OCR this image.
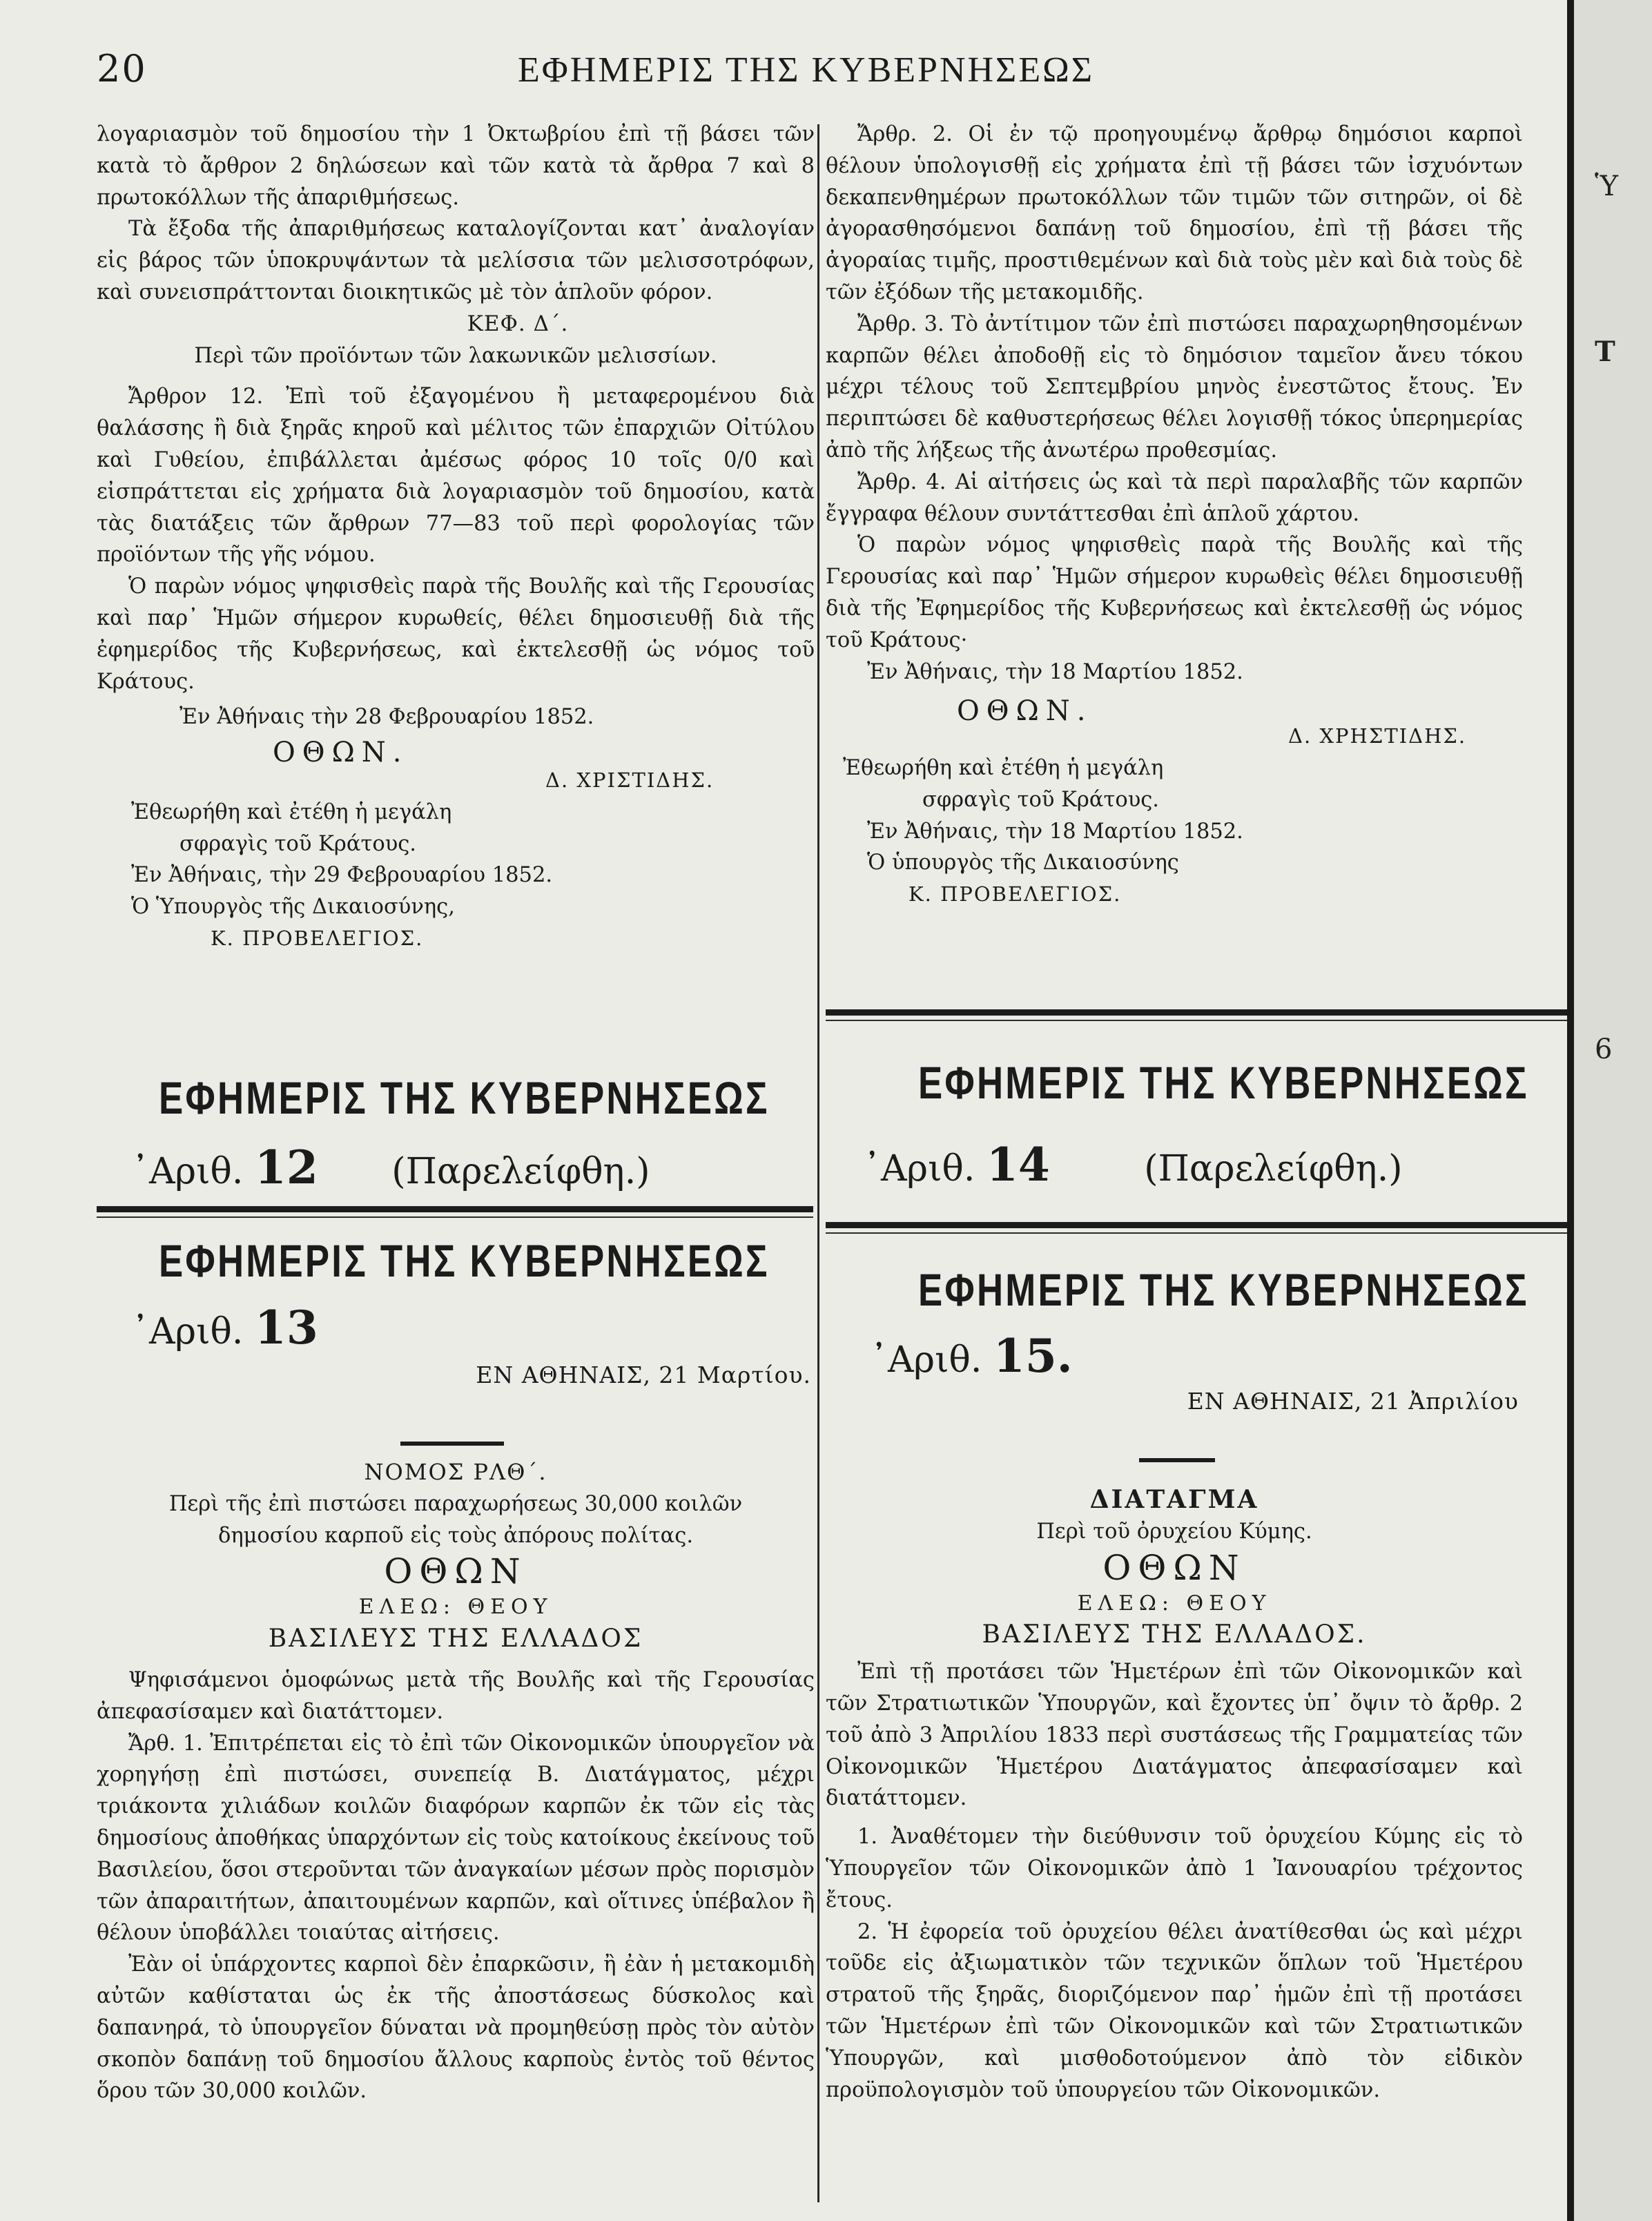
20	ΕΦΗΜΕΡΙΣ ΤΗΣ ΚΥΒΕΡΝΗΣΕΩΣ

λογαριασμὸν τοῦ δημοσίου τὴν 1 Ὀκτωβρίου ἐπὶ τῇ βάσει τῶν κατὰ τὸ ἄρθρον 2 δηλώσεων καὶ τῶν κατὰ τὰ ἄρθρα 7 καὶ 8 πρωτοκόλλων τῆς ἀπαριθμήσεως.

Τὰ ἔξοδα τῆς ἀπαριθμήσεως καταλογίζονται κατ᾽ ἀναλογίαν εἰς βάρος τῶν ὑποκρυψάντων τὰ μελίσσια τῶν μελισσοτρόφων, καὶ συνεισπράττονται διοικητικῶς μὲ τὸν ἁπλοῦν φόρον.

ΚΕΦ. Δ΄.

Περὶ τῶν προϊόντων τῶν λακωνικῶν μελισσίων.

Ἄρθρον 12. Ἐπὶ τοῦ ἐξαγομένου ἢ μεταφερομένου διὰ θαλάσσης ἢ διὰ ξηρᾶς κηροῦ καὶ μέλιτος τῶν ἐπαρχιῶν Οἰτύλου καὶ Γυθείου, ἐπιβάλλεται ἀμέσως φόρος 10 τοῖς 0/0 καὶ εἰσπράττεται εἰς χρήματα διὰ λογαριασμὸν τοῦ δημοσίου, κατὰ τὰς διατάξεις τῶν ἄρθρων 77—83 τοῦ περὶ φορολογίας τῶν προϊόντων τῆς γῆς νόμου.

Ὁ παρὼν νόμος ψηφισθεὶς παρὰ τῆς Βουλῆς καὶ τῆς Γερουσίας καὶ παρ᾽ Ἡμῶν σήμερον κυρωθείς, θέλει δημοσιευθῇ διὰ τῆς ἐφημερίδος τῆς Κυβερνήσεως, καὶ ἐκτελεσθῇ ὡς νόμος τοῦ Κράτους.

Ἐν Ἀθήναις τὴν 28 Φεβρουαρίου 1852.

ΟΘΩΝ.

Δ. ΧΡΙΣΤΙΔΗΣ.

Ἐθεωρήθη καὶ ἐτέθη ἡ μεγάλη

σφραγὶς τοῦ Κράτους.

Ἐν Ἀθήναις, τὴν 29 Φεβρουαρίου 1852.

Ὁ Ὑπουργὸς τῆς Δικαιοσύνης,

Κ. ΠΡΟΒΕΛΕΓΙΟΣ.

ΕΦΗΜΕΡΙΣ ΤΗΣ ΚΥΒΕΡΝΗΣΕΩΣ
᾽Αριθ. 12 (Παρελείφθη.)
ΕΦΗΜΕΡΙΣ ΤΗΣ ΚΥΒΕΡΝΗΣΕΩΣ
᾽Αριθ. 13
ΕΝ ΑΘΗΝΑΙΣ, 21 Μαρτίου.

ΝΟΜΟΣ ΡΛΘ΄.

Περὶ τῆς ἐπὶ πιστώσει παραχωρήσεως 30,000 κοιλῶν δημοσίου καρποῦ εἰς τοὺς ἀπόρους πολίτας.

ΟΘΩΝ

ΕΛΕΩ: ΘΕΟΥ

ΒΑΣΙΛΕΥΣ ΤΗΣ ΕΛΛΑΔΟΣ

Ψηφισάμενοι ὁμοφώνως μετὰ τῆς Βουλῆς καὶ τῆς Γερουσίας ἀπεφασίσαμεν καὶ διατάττομεν.

Ἄρθ. 1. Ἐπιτρέπεται εἰς τὸ ἐπὶ τῶν Οἰκονομικῶν ὑπουργεῖον νὰ χορηγήσῃ ἐπὶ πιστώσει, συνεπείᾳ Β. Διατάγματος, μέχρι τριάκοντα χιλιάδων κοιλῶν διαφόρων καρπῶν ἐκ τῶν εἰς τὰς δημοσίους ἀποθήκας ὑπαρχόντων εἰς τοὺς κατοίκους ἐκείνους τοῦ Βασιλείου, ὅσοι στεροῦνται τῶν ἀναγκαίων μέσων πρὸς πορισμὸν τῶν ἀπαραιτήτων, ἀπαιτουμένων καρπῶν, καὶ οἵτινες ὑπέβαλον ἢ θέλουν ὑποβάλλει τοιαύτας αἰτήσεις.

Ἐὰν οἱ ὑπάρχοντες καρποὶ δὲν ἐπαρκῶσιν, ἢ ἐὰν ἡ μετακομιδὴ αὐτῶν καθίσταται ὡς ἐκ τῆς ἀποστάσεως δύσκολος καὶ δαπανηρά, τὸ ὑπουργεῖον δύναται νὰ προμηθεύσῃ πρὸς τὸν αὐτὸν σκοπὸν δαπάνῃ τοῦ δημοσίου ἄλλους καρποὺς ἐντὸς τοῦ θέντος ὅρου τῶν 30,000 κοιλῶν.

Ἄρθρ. 2. Οἱ ἐν τῷ προηγουμένῳ ἄρθρῳ δημόσιοι καρποὶ θέλουν ὑπολογισθῇ εἰς χρήματα ἐπὶ τῇ βάσει τῶν ἰσχυόντων δεκαπενθημέρων πρωτοκόλλων τῶν τιμῶν τῶν σιτηρῶν, οἱ δὲ ἀγορασθησόμενοι δαπάνῃ τοῦ δημοσίου, ἐπὶ τῇ βάσει τῆς ἀγοραίας τιμῆς, προστιθεμένων καὶ διὰ τοὺς μὲν καὶ διὰ τοὺς δὲ τῶν ἐξόδων τῆς μετακομιδῆς.

Ἄρθρ. 3. Τὸ ἀντίτιμον τῶν ἐπὶ πιστώσει παραχωρηθησομένων καρπῶν θέλει ἀποδοθῇ εἰς τὸ δημόσιον ταμεῖον ἄνευ τόκου μέχρι τέλους τοῦ Σεπτεμβρίου μηνὸς ἐνεστῶτος ἔτους. Ἐν περιπτώσει δὲ καθυστερήσεως θέλει λογισθῇ τόκος ὑπερημερίας ἀπὸ τῆς λήξεως τῆς ἀνωτέρω προθεσμίας.

Ἄρθρ. 4. Αἱ αἰτήσεις ὡς καὶ τὰ περὶ παραλαβῆς τῶν καρπῶν ἔγγραφα θέλουν συντάττεσθαι ἐπὶ ἁπλοῦ χάρτου.

Ὁ παρὼν νόμος ψηφισθεὶς παρὰ τῆς Βουλῆς καὶ τῆς Γερουσίας καὶ παρ᾽ Ἡμῶν σήμερον κυρωθεὶς θέλει δημοσιευθῇ διὰ τῆς Ἐφημερίδος τῆς Κυβερνήσεως καὶ ἐκτελεσθῇ ὡς νόμος τοῦ Κράτους·

Ἐν Ἀθήναις, τὴν 18 Μαρτίου 1852.

ΟΘΩΝ.

Δ. ΧΡΗΣΤΙΔΗΣ.

Ἐθεωρήθη καὶ ἐτέθη ἡ μεγάλη

σφραγὶς τοῦ Κράτους.

Ἐν Ἀθήναις, τὴν 18 Μαρτίου 1852.

Ὁ ὑπουργὸς τῆς Δικαιοσύνης

Κ. ΠΡΟΒΕΛΕΓΙΟΣ.

ΕΦΗΜΕΡΙΣ ΤΗΣ ΚΥΒΕΡΝΗΣΕΩΣ
᾽Αριθ. 14	(Παρελείφθη.)
ΕΦΗΜΕΡΙΣ ΤΗΣ ΚΥΒΕΡΝΗΣΕΩΣ
᾽Αριθ. 15.
ΕΝ ΑΘΗΝΑΙΣ, 21 Ἀπριλίου

ΔΙΑΤΑΓΜΑ

Περὶ τοῦ ὀρυχείου Κύμης.

ΟΘΩΝ

ΕΛΕΩ: ΘΕΟΥ

ΒΑΣΙΛΕΥΣ ΤΗΣ ΕΛΛΑΔΟΣ.

Ἐπὶ τῇ προτάσει τῶν Ἡμετέρων ἐπὶ τῶν Οἰκονομικῶν καὶ τῶν Στρατιωτικῶν Ὑπουργῶν, καὶ ἔχοντες ὑπ᾽ ὄψιν τὸ ἄρθρ. 2 τοῦ ἀπὸ 3 Ἀπριλίου 1833 περὶ συστάσεως τῆς Γραμματείας τῶν Οἰκονομικῶν Ἡμετέρου Διατάγματος ἀπεφασίσαμεν καὶ διατάττομεν.

1. Ἀναθέτομεν τὴν διεύθυνσιν τοῦ ὀρυχείου Κύμης εἰς τὸ Ὑπουργεῖον τῶν Οἰκονομικῶν ἀπὸ 1 Ἰανουαρίου τρέχοντος ἔτους.

2. Ἡ ἐφορεία τοῦ ὀρυχείου θέλει ἀνατίθεσθαι ὡς καὶ μέχρι τοῦδε εἰς ἀξιωματικὸν τῶν τεχνικῶν ὅπλων τοῦ Ἡμετέρου στρατοῦ τῆς ξηρᾶς, διοριζόμενον παρ᾽ ἡμῶν ἐπὶ τῇ προτάσει τῶν Ἡμετέρων ἐπὶ τῶν Οἰκονομικῶν καὶ τῶν Στρατιωτικῶν Ὑπουργῶν, καὶ μισθοδοτούμενον ἀπὸ τὸν εἰδικὸν προϋπολογισμὸν τοῦ ὑπουργείου τῶν Οἰκονομικῶν.

Ὑ
Τ
6
